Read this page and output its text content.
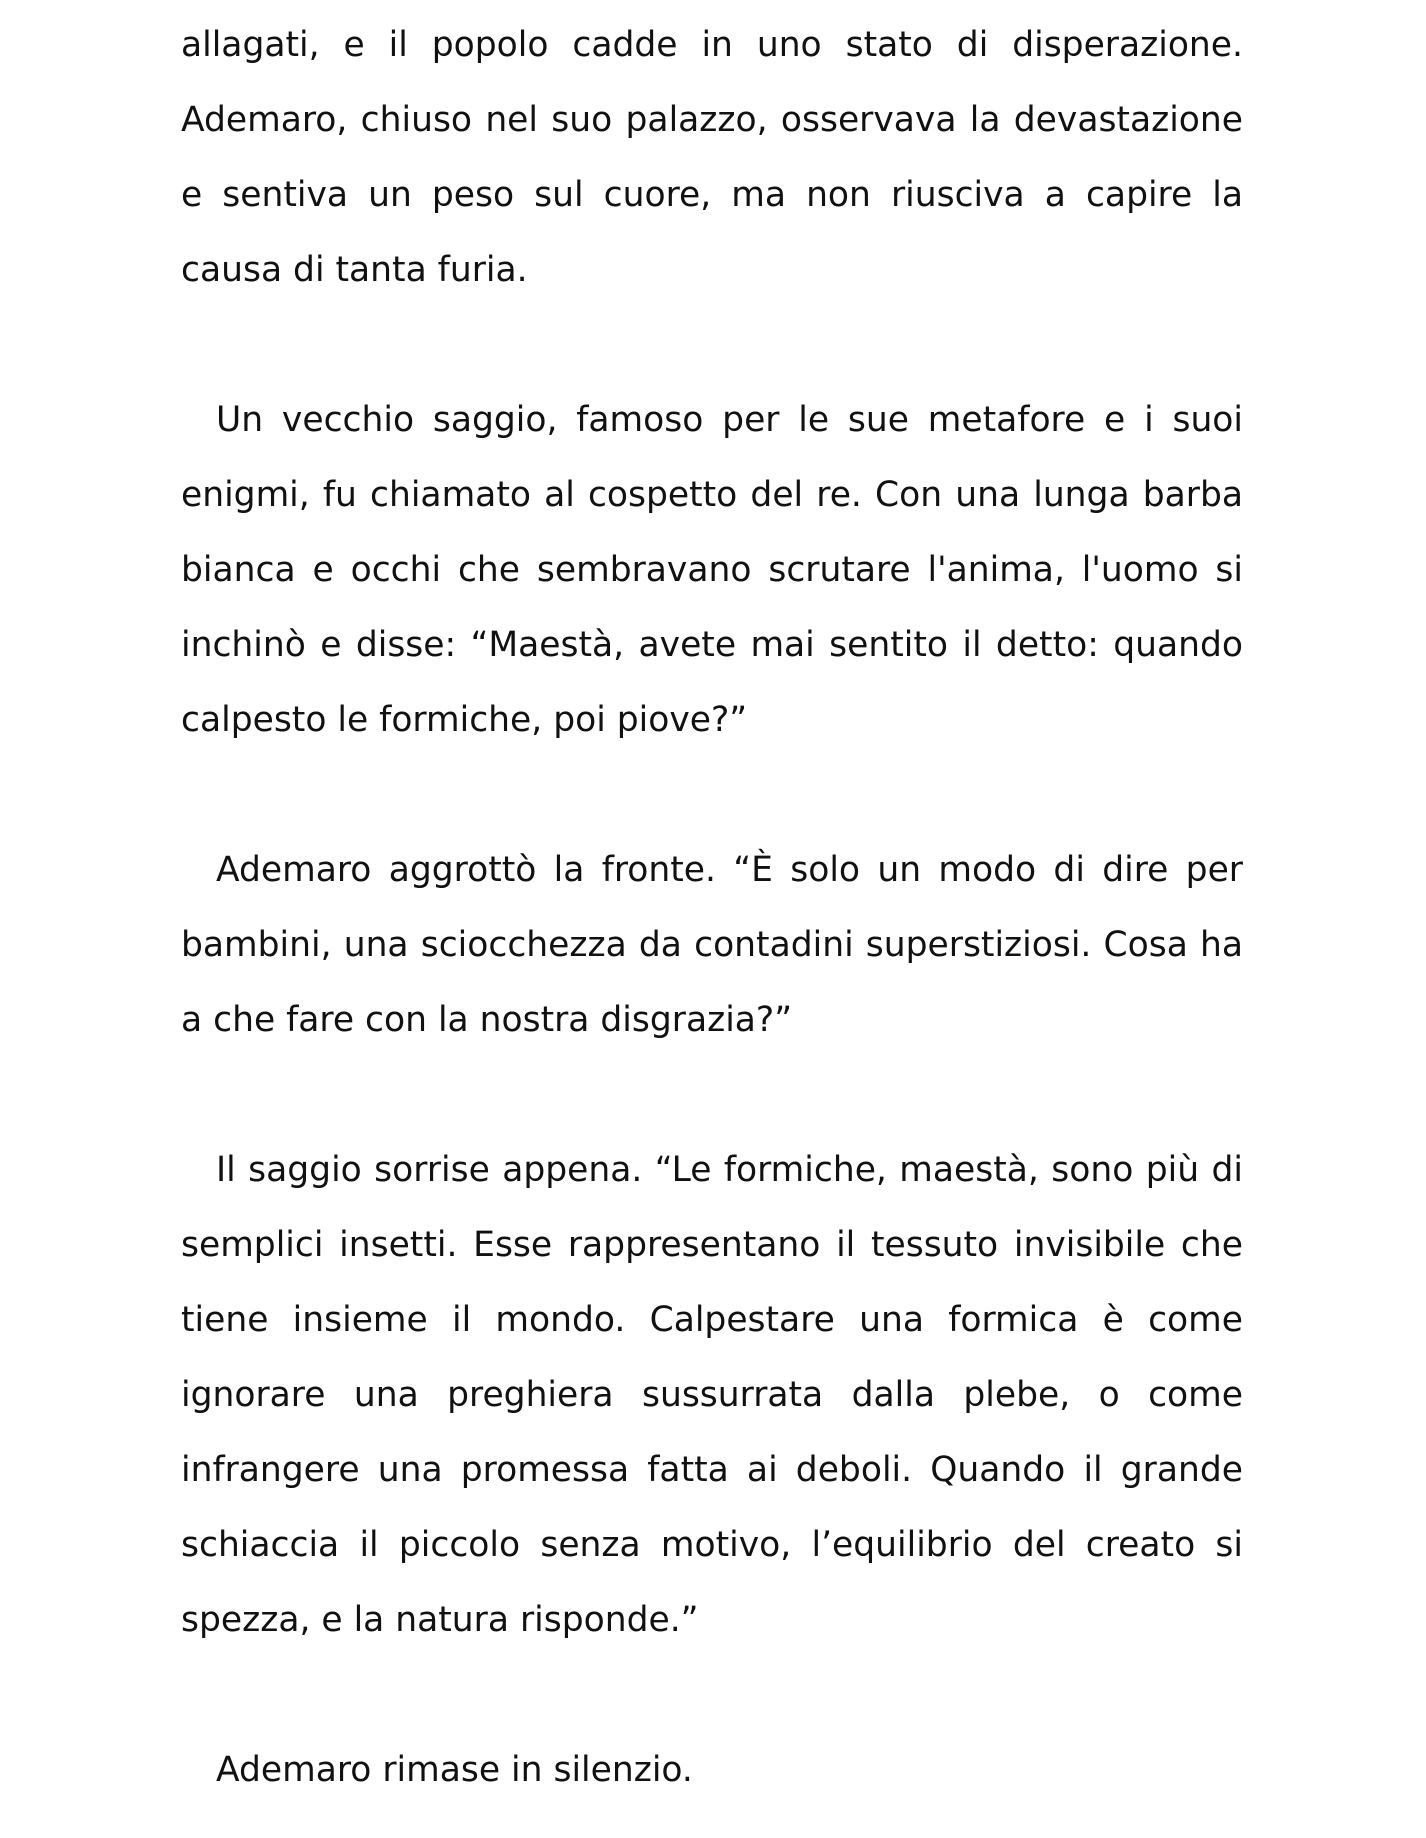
allagati, e il popolo cadde in uno stato di disperazione. Ademaro, chiuso nel suo palazzo, osservava la devastazione e sentiva un peso sul cuore, ma non riusciva a capire la causa di tanta furia.

Un vecchio saggio, famoso per le sue metafore e i suoi enigmi, fu chiamato al cospetto del re. Con una lunga barba bianca e occhi che sembravano scrutare l'anima, l'uomo si inchinò e disse: “Maestà, avete mai sentito il detto: quando calpesto le formiche, poi piove?”

Ademaro aggrottò la fronte. “È solo un modo di dire per bambini, una sciocchezza da contadini superstiziosi. Cosa ha a che fare con la nostra disgrazia?”

Il saggio sorrise appena. “Le formiche, maestà, sono più di semplici insetti. Esse rappresentano il tessuto invisibile che tiene insieme il mondo. Calpestare una formica è come ignorare una preghiera sussurrata dalla plebe, o come infrangere una promessa fatta ai deboli. Quando il grande schiaccia il piccolo senza motivo, l’equilibrio del creato si spezza, e la natura risponde.”

Ademaro rimase in silenzio.
